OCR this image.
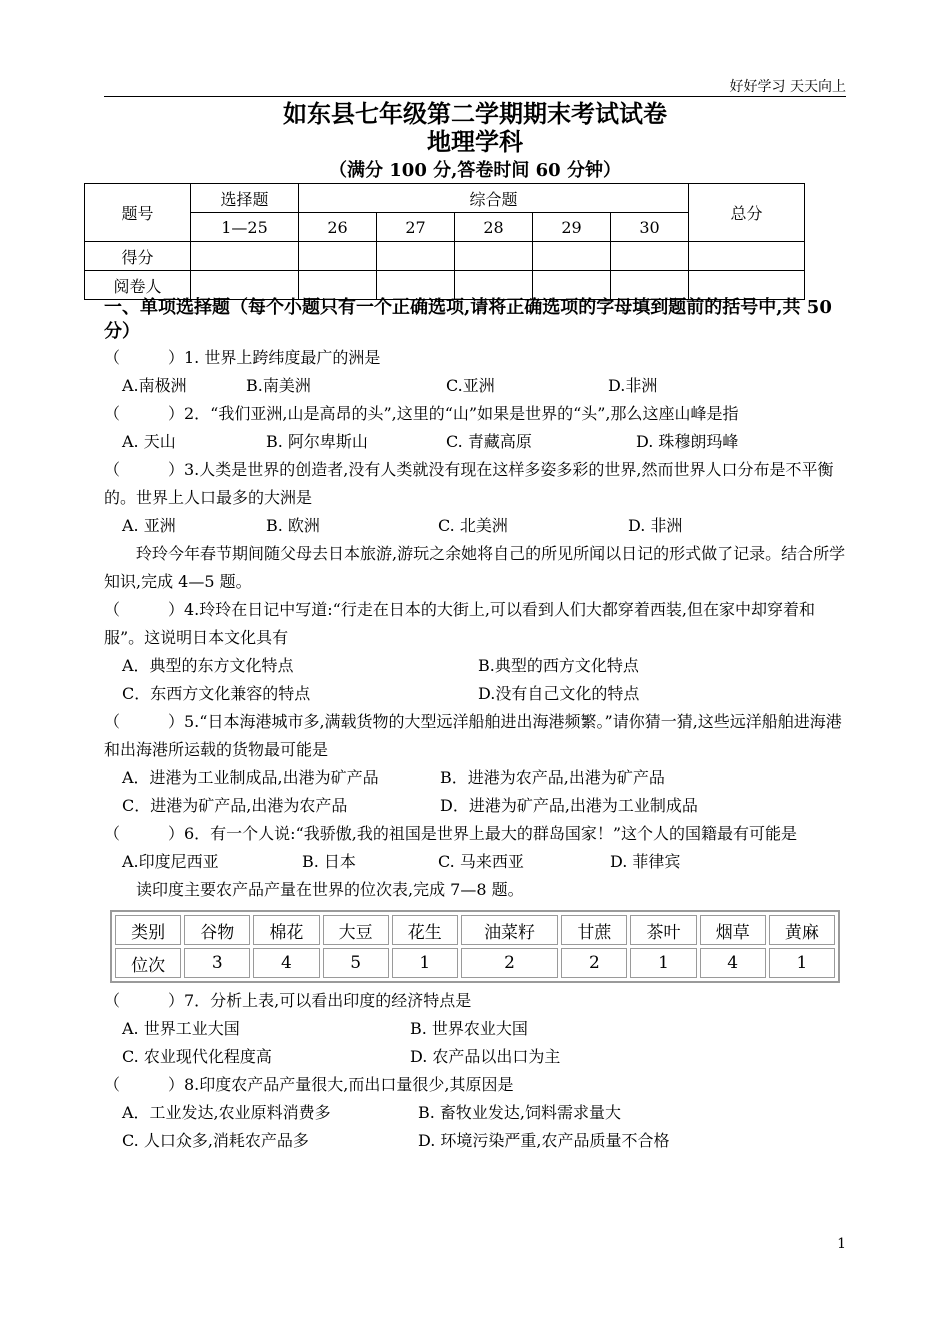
好好学习 天天向上
如东县七年级第二学期期末考试试卷
地理学科
（满分 100 分,答卷时间 60 分钟）
题号	选择题	综合题					总分
	1—25	26	27	28	29	30	
得分							
阅卷人							

一、单项选择题（每个小题只有一个正确选项,请将正确选项的字母填到题前的括号中,共 50 分）

（　　　）1. 世界上跨纬度最广的洲是
A.南极洲	B.南美洲	C.亚洲	D.非洲
（　　　）2．“我们亚洲,山是高昂的头”,这里的“山”如果是世界的“头”,那么这座山峰是指
A. 天山	B. 阿尔卑斯山	C. 青藏高原	D. 珠穆朗玛峰
（　　　）3.人类是世界的创造者,没有人类就没有现在这样多姿多彩的世界,然而世界人口分布是不平衡的。世界上人口最多的大洲是
A. 亚洲	B. 欧洲	C. 北美洲	D. 非洲
玲玲今年春节期间随父母去日本旅游,游玩之余她将自己的所见所闻以日记的形式做了记录。结合所学知识,完成 4—5 题。
（　　　）4.玲玲在日记中写道:“行走在日本的大街上,可以看到人们大都穿着西装,但在家中却穿着和服”。这说明日本文化具有
A．典型的东方文化特点	B.典型的西方文化特点
C．东西方文化兼容的特点	D.没有自己文化的特点
（　　　）5.“日本海港城市多,满载货物的大型远洋船舶进出海港频繁。”请你猜一猜,这些远洋船舶进海港和出海港所运载的货物最可能是
A．进港为工业制成品,出港为矿产品	B．进港为农产品,出港为矿产品
C．进港为矿产品,出港为农产品	D．进港为矿产品,出港为工业制成品
（　　　）6．有一个人说:“我骄傲,我的祖国是世界上最大的群岛国家！”这个人的国籍最有可能是
A.印度尼西亚	B. 日本	C. 马来西亚	D. 菲律宾
读印度主要农产品产量在世界的位次表,完成 7—8 题。
类别	谷物	棉花	大豆	花生	油菜籽	甘蔗	茶叶	烟草	黄麻
位次	3	4	5	1	2	2	1	4	1
（　　　）7．分析上表,可以看出印度的经济特点是
A. 世界工业大国	B. 世界农业大国
C. 农业现代化程度高	D. 农产品以出口为主
（　　　）8.印度农产品产量很大,而出口量很少,其原因是
A．工业发达,农业原料消费多	B. 畜牧业发达,饲料需求量大
C. 人口众多,消耗农产品多	D. 环境污染严重,农产品质量不合格
1
